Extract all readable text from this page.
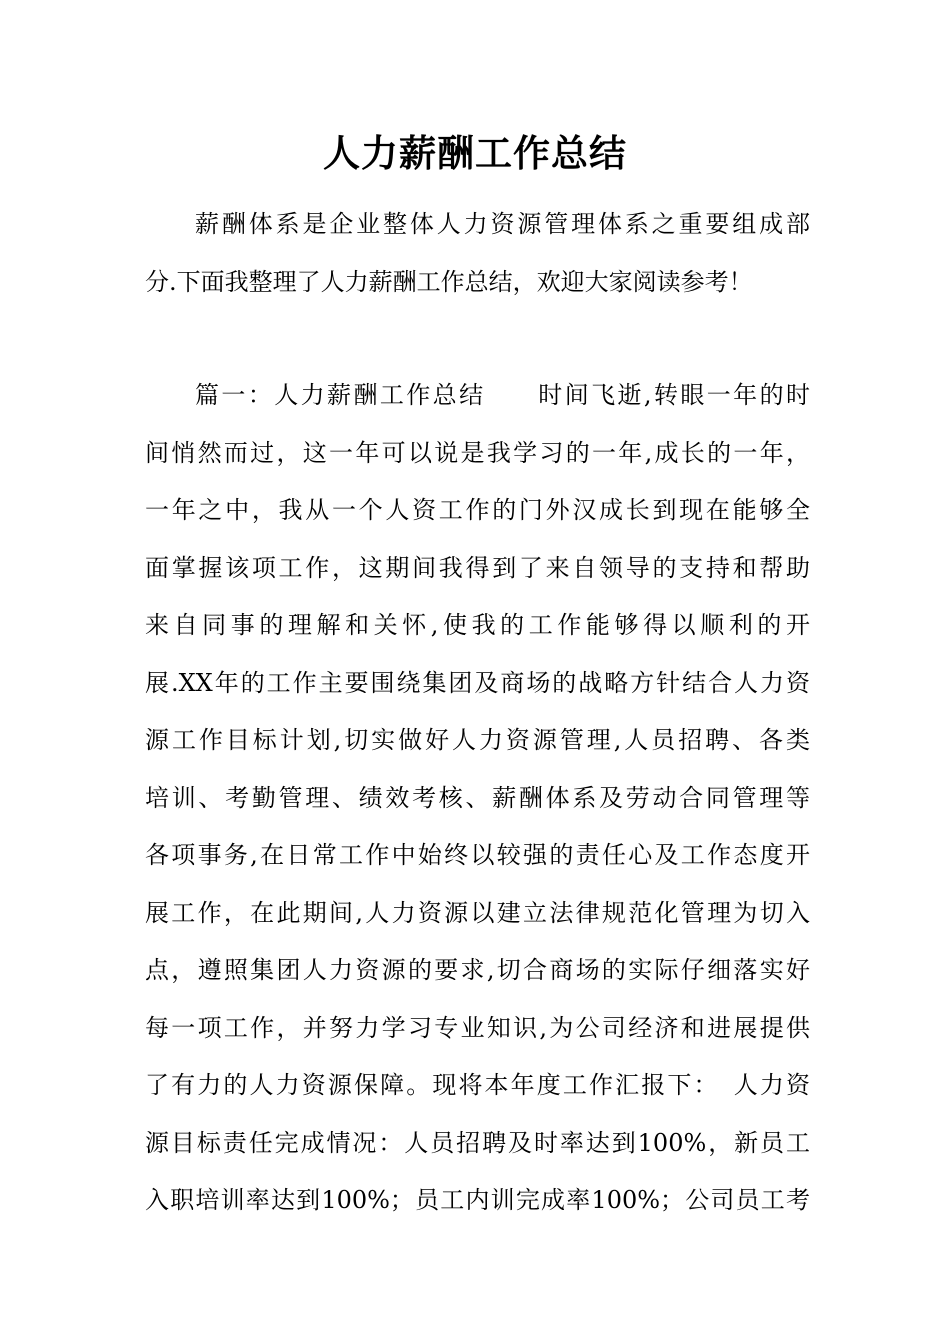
人力薪酬工作总结
薪酬体系是企业整体人力资源管理体系之重要组成部
分.下面我整理了人力薪酬工作总结，欢迎大家阅读参考！
篇一：人力薪酬工作总结　　时间飞逝,转眼一年的时
间悄然而过，这一年可以说是我学习的一年,成长的一年，
一年之中，我从一个人资工作的门外汉成长到现在能够全
面掌握该项工作，这期间我得到了来自领导的支持和帮助
来自同事的理解和关怀,使我的工作能够得以顺利的开
展.XX年的工作主要围绕集团及商场的战略方针结合人力资
源工作目标计划,切实做好人力资源管理,人员招聘、各类
培训、考勤管理、绩效考核、薪酬体系及劳动合同管理等
各项事务,在日常工作中始终以较强的责任心及工作态度开
展工作，在此期间,人力资源以建立法律规范化管理为切入
点，遵照集团人力资源的要求,切合商场的实际仔细落实好
每一项工作，并努力学习专业知识,为公司经济和进展提供
了有力的人力资源保障。现将本年度工作汇报下：　人力资
源目标责任完成情况：人员招聘及时率达到100%，新员工
入职培训率达到100%；员工内训完成率100%；公司员工考
